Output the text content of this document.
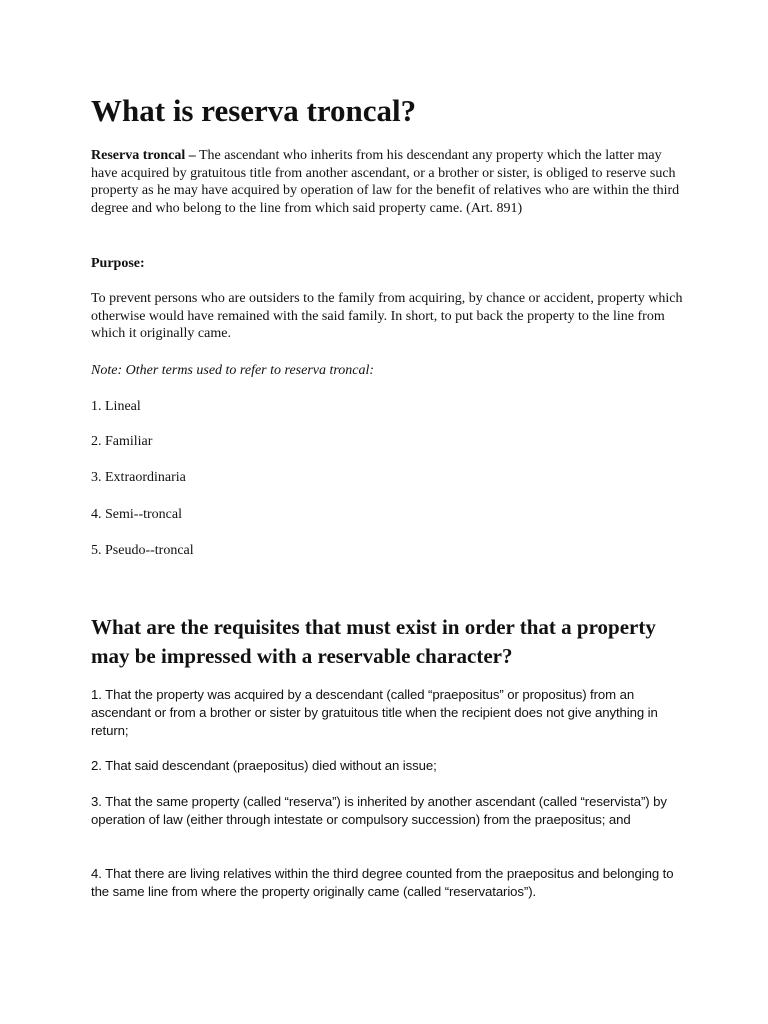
What is reserva troncal?

Reserva troncal – The ascendant who inherits from his descendant any property which the latter may have acquired by gratuitous title from another ascendant, or a brother or sister, is obliged to reserve such property as he may have acquired by operation of law for the benefit of relatives who are within the third degree and who belong to the line from which said property came. (Art. 891)

Purpose:

To prevent persons who are outsiders to the family from acquiring, by chance or accident, property which otherwise would have remained with the said family. In short, to put back the property to the line from which it originally came.

Note: Other terms used to refer to reserva troncal:

1. Lineal

2. Familiar

3. Extraordinaria

4. Semi--troncal

5. Pseudo--troncal

What are the requisites that must exist in order that a property may be impressed with a reservable character?

1. That the property was acquired by a descendant (called “praepositus” or propositus) from an ascendant or from a brother or sister by gratuitous title when the recipient does not give anything in return;

2. That said descendant (praepositus) died without an issue;

3. That the same property (called “reserva”) is inherited by another ascendant (called “reservista”) by operation of law (either through intestate or compulsory succession) from the praepositus; and

4. That there are living relatives within the third degree counted from the praepositus and belonging to the same line from where the property originally came (called “reservatarios”).
